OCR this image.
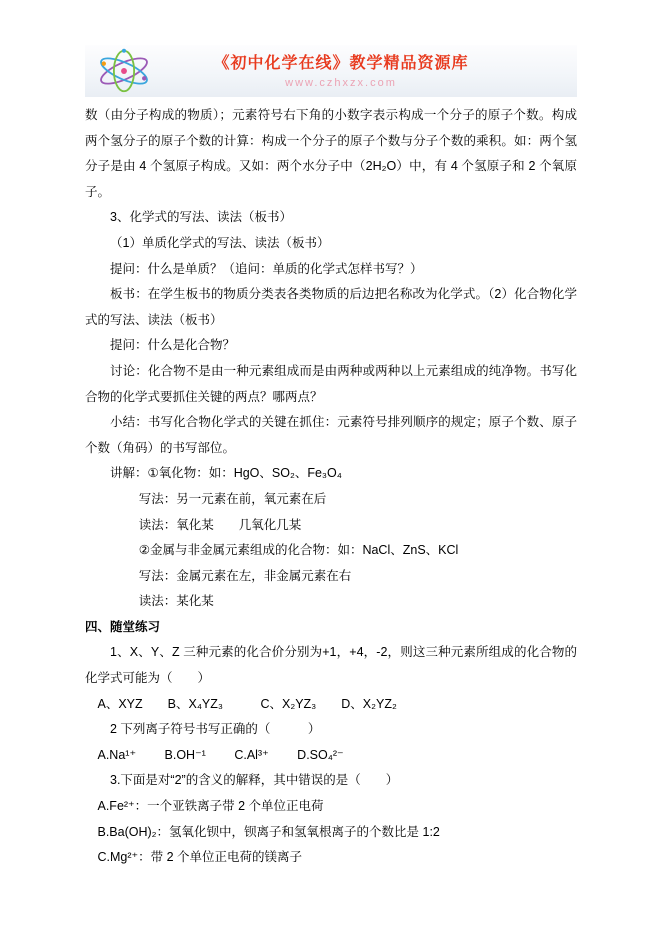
《初中化学在线》教学精品资源库
www.czhxzx.com

数（由分子构成的物质）；元素符号右下角的小数字表示构成一个分子的原子个数。构成两个氢分子的原子个数的计算：构成一个分子的原子个数与分子个数的乘积。如：两个氢分子是由 4 个氢原子构成。又如：两个水分子中（2H₂O）中，有 4 个氢原子和 2 个氧原子。

3、化学式的写法、读法（板书）

（1）单质化学式的写法、读法（板书）

提问：什么是单质？（追问：单质的化学式怎样书写？）

板书：在学生板书的物质分类表各类物质的后边把名称改为化学式。（2）化合物化学式的写法、读法（板书）

提问：什么是化合物？

讨论：化合物不是由一种元素组成而是由两种或两种以上元素组成的纯净物。书写化合物的化学式要抓住关键的两点？哪两点？

小结：书写化合物化学式的关键在抓住：元素符号排列顺序的规定；原子个数、原子个数（角码）的书写部位。

讲解：①氧化物：如：HgO、SO₂、Fe₃O₄

写法：另一元素在前，氧元素在后

读法：氧化某　　几氧化几某

②金属与非金属元素组成的化合物：如：NaCl、ZnS、KCl

写法：金属元素在左，非金属元素在右

读法：某化某

四、随堂练习

1、X、Y、Z 三种元素的化合价分别为+1，+4，-2，则这三种元素所组成的化合物的化学式可能为（　　）

A、XYZ　　B、X₄YZ₃　　　C、X₂YZ₃　　D、X₂YZ₂

2 下列离子符号书写正确的（　　　）

A.Na¹⁺　　 B.OH⁻¹　　 C.Al³⁺　　 D.SO₄²⁻

3.下面是对“2”的含义的解释，其中错误的是（　　）

A.Fe²⁺：一个亚铁离子带 2 个单位正电荷

B.Ba(OH)₂：氢氧化钡中，钡离子和氢氧根离子的个数比是 1:2

C.Mg²⁺：带 2 个单位正电荷的镁离子
